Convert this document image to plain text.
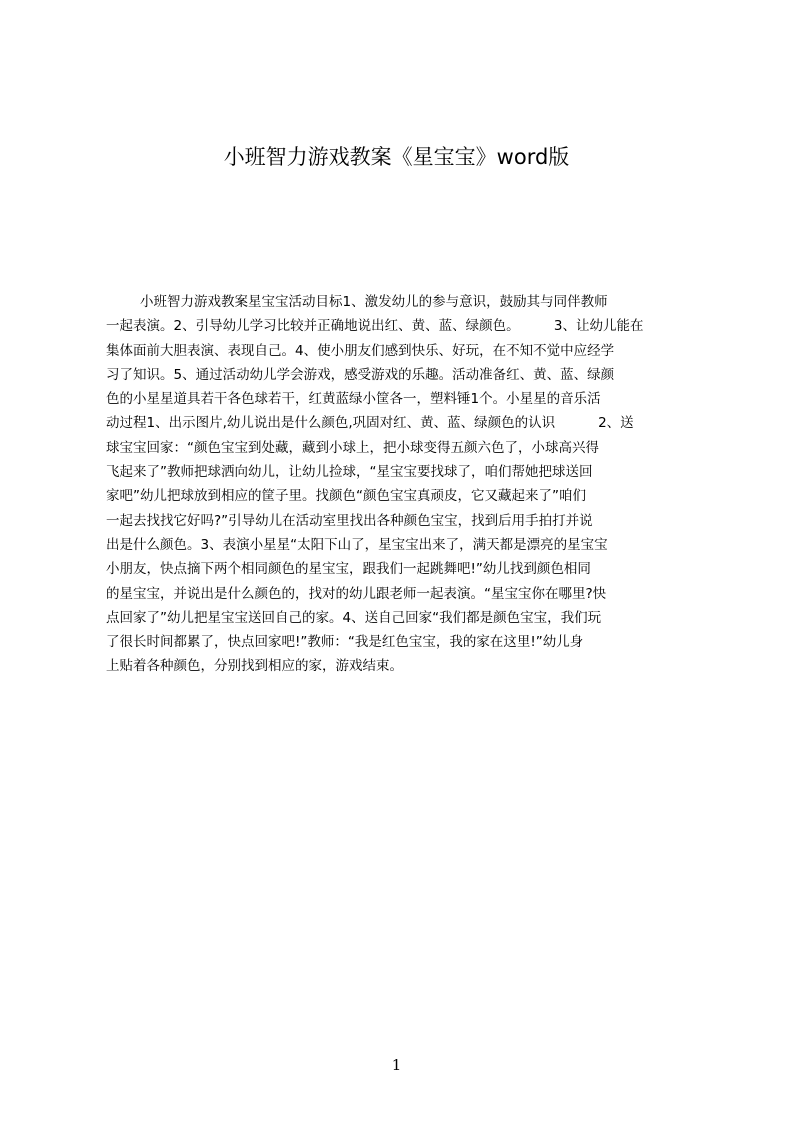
小班智力游戏教案《星宝宝》word版
小班智力游戏教案星宝宝活动目标1、激发幼儿的参与意识，鼓励其与同伴教师
一起表演。2、引导幼儿学习比较并正确地说出红、黄、蓝、绿颜色。        3、让幼儿能在
集体面前大胆表演、表现自己。4、使小朋友们感到快乐、好玩，在不知不觉中应经学
习了知识。5、通过活动幼儿学会游戏，感受游戏的乐趣。活动准备红、黄、蓝、绿颜
色的小星星道具若干各色球若干，红黄蓝绿小筐各一，塑料锤1个。小星星的音乐活
动过程1、出示图片,幼儿说出是什么颜色,巩固对红、黄、蓝、绿颜色的认识          2、送
球宝宝回家：“颜色宝宝到处藏，藏到小球上，把小球变得五颜六色了，小球高兴得
飞起来了”教师把球洒向幼儿，让幼儿捡球，“星宝宝要找球了，咱们帮她把球送回
家吧”幼儿把球放到相应的筐子里。找颜色“颜色宝宝真顽皮，它又藏起来了”咱们
一起去找找它好吗?”引导幼儿在活动室里找出各种颜色宝宝，找到后用手拍打并说
出是什么颜色。3、表演小星星“太阳下山了，星宝宝出来了，满天都是漂亮的星宝宝
小朋友，快点摘下两个相同颜色的星宝宝，跟我们一起跳舞吧!”幼儿找到颜色相同
的星宝宝，并说出是什么颜色的，找对的幼儿跟老师一起表演。“星宝宝你在哪里?快
点回家了”幼儿把星宝宝送回自己的家。4、送自己回家“我们都是颜色宝宝，我们玩
了很长时间都累了，快点回家吧!”教师：“我是红色宝宝，我的家在这里!”幼儿身
上贴着各种颜色，分别找到相应的家，游戏结束。
1
